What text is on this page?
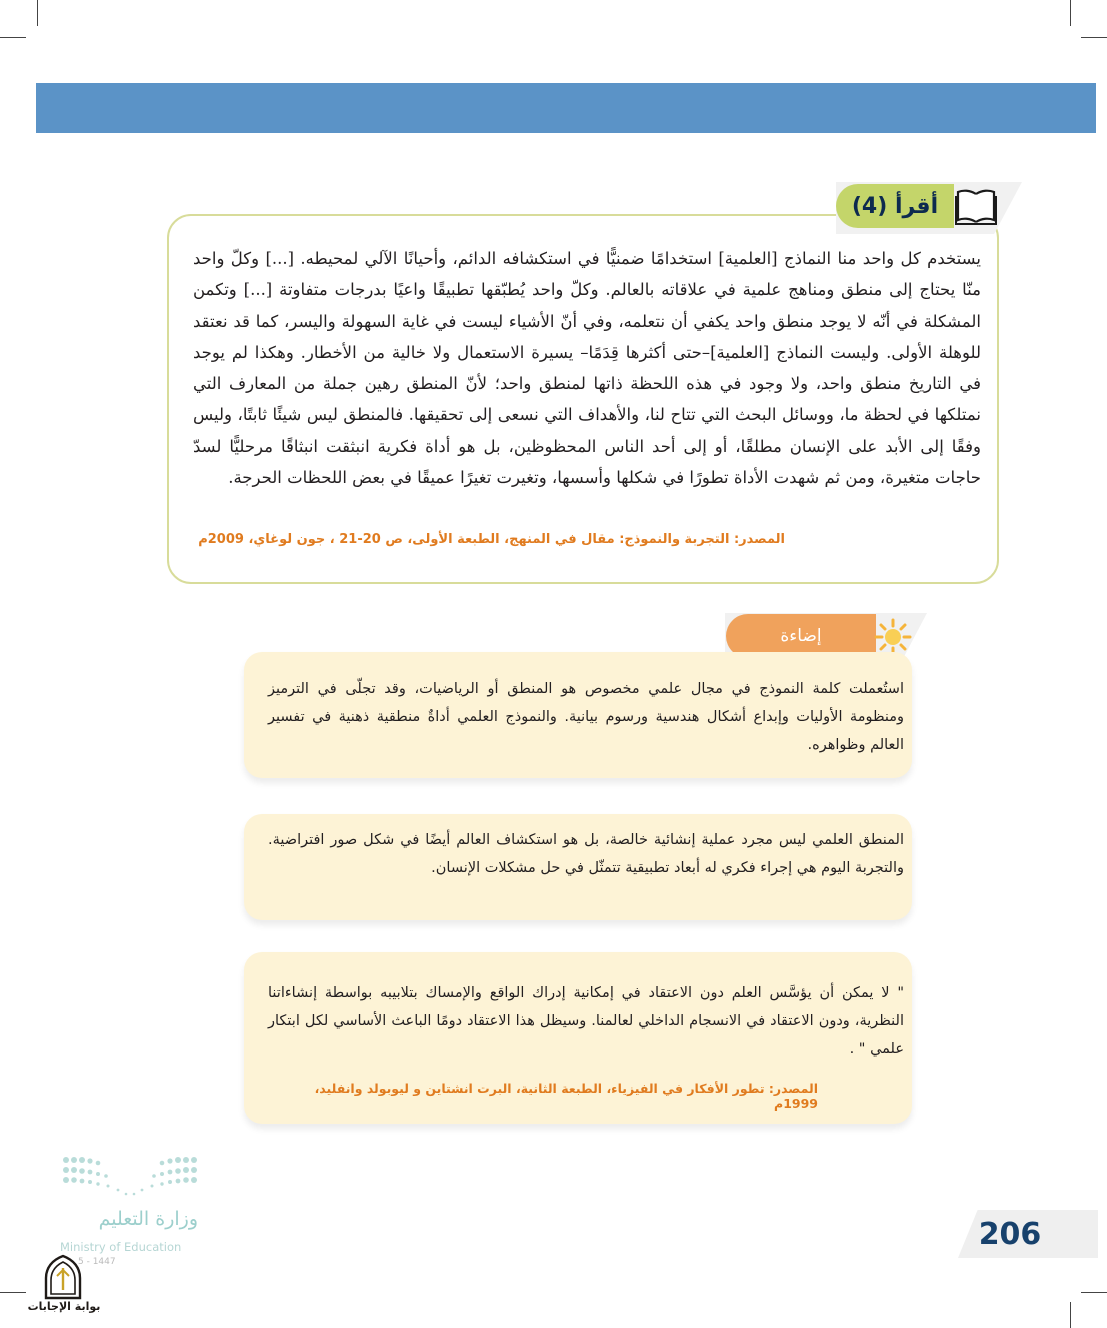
أقرأ (4)
يستخدم كل واحد منا النماذج [العلمية] استخدامًا ضمنيًّا في استكشافه الدائم، وأحيانًا الآلي لمحيطه. [...] وكلّ واحد منّا يحتاج إلى منطق ومناهج علمية في علاقاته بالعالم. وكلّ واحد يُطبّقها تطبيقًا واعيًا بدرجات متفاوتة [...] وتكمن المشكلة في أنّه لا يوجد منطق واحد يكفي أن نتعلمه، وفي أنّ الأشياء ليست في غاية السهولة واليسر، كما قد نعتقد للوهلة الأولى. وليست النماذج [العلمية]–حتى أكثرها قِدَمًا– يسيرة الاستعمال ولا خالية من الأخطار. وهكذا لم يوجد في التاريخ منطق واحد، ولا وجود في هذه اللحظة ذاتها لمنطق واحد؛ لأنّ المنطق رهين جملة من المعارف التي نمتلكها في لحظة ما، ووسائل البحث التي تتاح لنا، والأهداف التي نسعى إلى تحقيقها. فالمنطق ليس شيئًا ثابتًا، وليس وفقًا إلى الأبد على الإنسان مطلقًا، أو إلى أحد الناس المحظوظين، بل هو أداة فكرية انبثقت انبثاقًا مرحليًّا لسدّ حاجات متغيرة، ومن ثم شهدت الأداة تطورًا في شكلها وأسسها، وتغيرت تغيرًا عميقًا في بعض اللحظات الحرجة.
المصدر: التجربة والنموذج: مقال في المنهج، الطبعة الأولى، ص 20-21 ، جون لوغاي، 2009م
إضاءة
استُعملت كلمة النموذج في مجال علمي مخصوص هو المنطق أو الرياضيات، وقد تجلّى في الترميز ومنظومة الأوليات وإبداع أشكال هندسية ورسوم بيانية. والنموذج العلمي أداةٌ منطقية ذهنية في تفسير العالم وظواهره.
المنطق العلمي ليس مجرد عملية إنشائية خالصة، بل هو استكشاف العالم أيضًا في شكل صور افتراضية. والتجربة اليوم هي إجراء فكري له أبعاد تطبيقية تتمثّل في حل مشكلات الإنسان.
" لا يمكن أن يؤسَّس العلم دون الاعتقاد في إمكانية إدراك الواقع والإمساك بتلابيبه بواسطة إنشاءاتنا النظرية، ودون الاعتقاد في الانسجام الداخلي لعالمنا. وسيظل هذا الاعتقاد دومًا الباعث الأساسي لكل ابتكار علمي " .
المصدر: تطور الأفكار في الفيزياء، الطبعة الثانية، البرت انشتاين و ليوبولد وانفليد، 1999م
206
وزارة التعليم
Ministry of Education
5 - 1447
بوابة الإجابات
